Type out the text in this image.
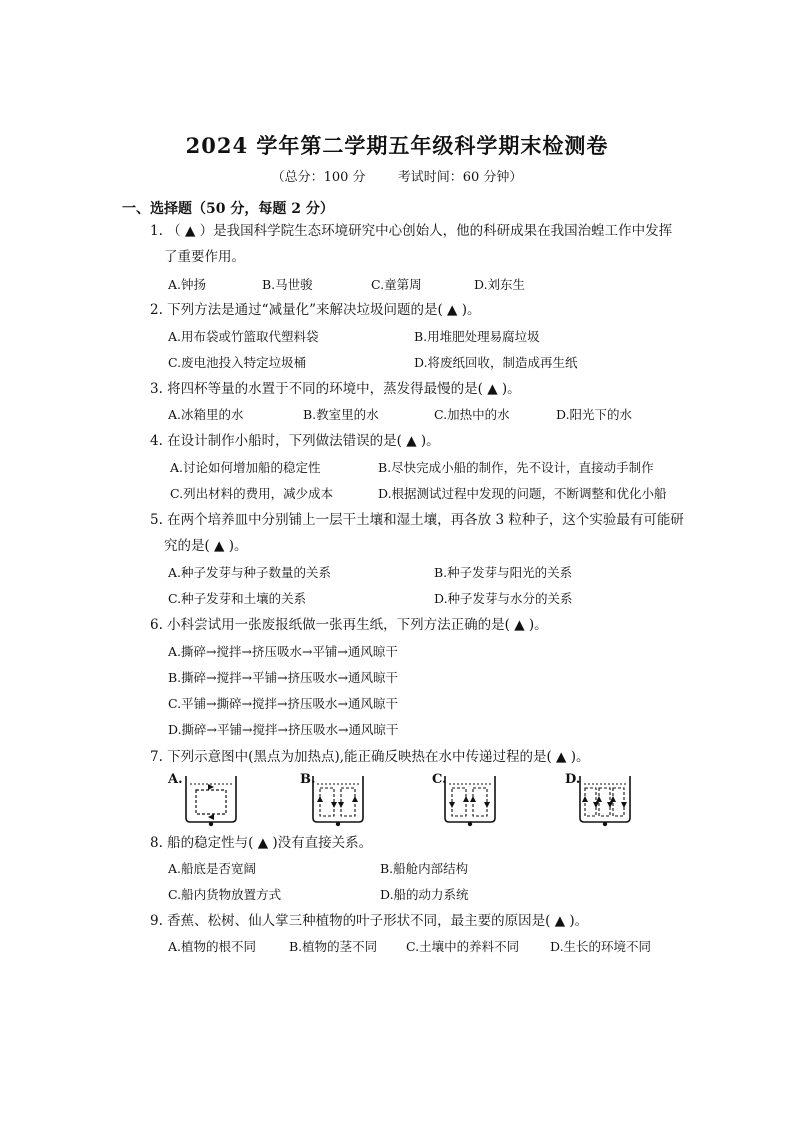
2024 学年第二学期五年级科学期末检测卷
（总分：100 分 考试时间：60 分钟）
一、选择题（50 分，每题 2 分）
1. （ ▲ ）是我国科学院生态环境研究中心创始人，他的科研成果在我国治蝗工作中发挥
了重要作用。
A.钟扬	B.马世骏	C.童第周	D.刘东生
2. 下列方法是通过“减量化”来解决垃圾问题的是( ▲ )。
A.用布袋或竹篮取代塑料袋	B.用堆肥处理易腐垃圾
C.废电池投入特定垃圾桶	D.将废纸回收，制造成再生纸
3. 将四杯等量的水置于不同的环境中，蒸发得最慢的是( ▲ )。
A.冰箱里的水	B.教室里的水	C.加热中的水	D.阳光下的水
4. 在设计制作小船时，下列做法错误的是( ▲ )。
A.讨论如何增加船的稳定性	B.尽快完成小船的制作，先不设计，直接动手制作
C.列出材料的费用，减少成本	D.根据测试过程中发现的问题，不断调整和优化小船
5. 在两个培养皿中分别铺上一层干土壤和湿土壤，再各放 3 粒种子，这个实验最有可能研
究的是( ▲ )。
A.种子发芽与种子数量的关系	B.种子发芽与阳光的关系
C.种子发芽和土壤的关系	D.种子发芽与水分的关系
6. 小科尝试用一张废报纸做一张再生纸，下列方法正确的是( ▲ )。
A.撕碎→搅拌→挤压吸水→平铺→通风晾干
B.撕碎→搅拌→平铺→挤压吸水→通风晾干
C.平铺→撕碎→搅拌→挤压吸水→通风晾干
D.撕碎→平铺→搅拌→挤压吸水→通风晾干
7. 下列示意图中(黑点为加热点),能正确反映热在水中传递过程的是( ▲ )。
A.	B.	C.	D.
8. 船的稳定性与( ▲ )没有直接关系。
A.船底是否宽阔	B.船舱内部结构
C.船内货物放置方式	D.船的动力系统
9. 香蕉、松树、仙人掌三种植物的叶子形状不同，最主要的原因是( ▲ )。
A.植物的根不同	B.植物的茎不同 C.土壤中的养料不同 D.生长的环境不同
